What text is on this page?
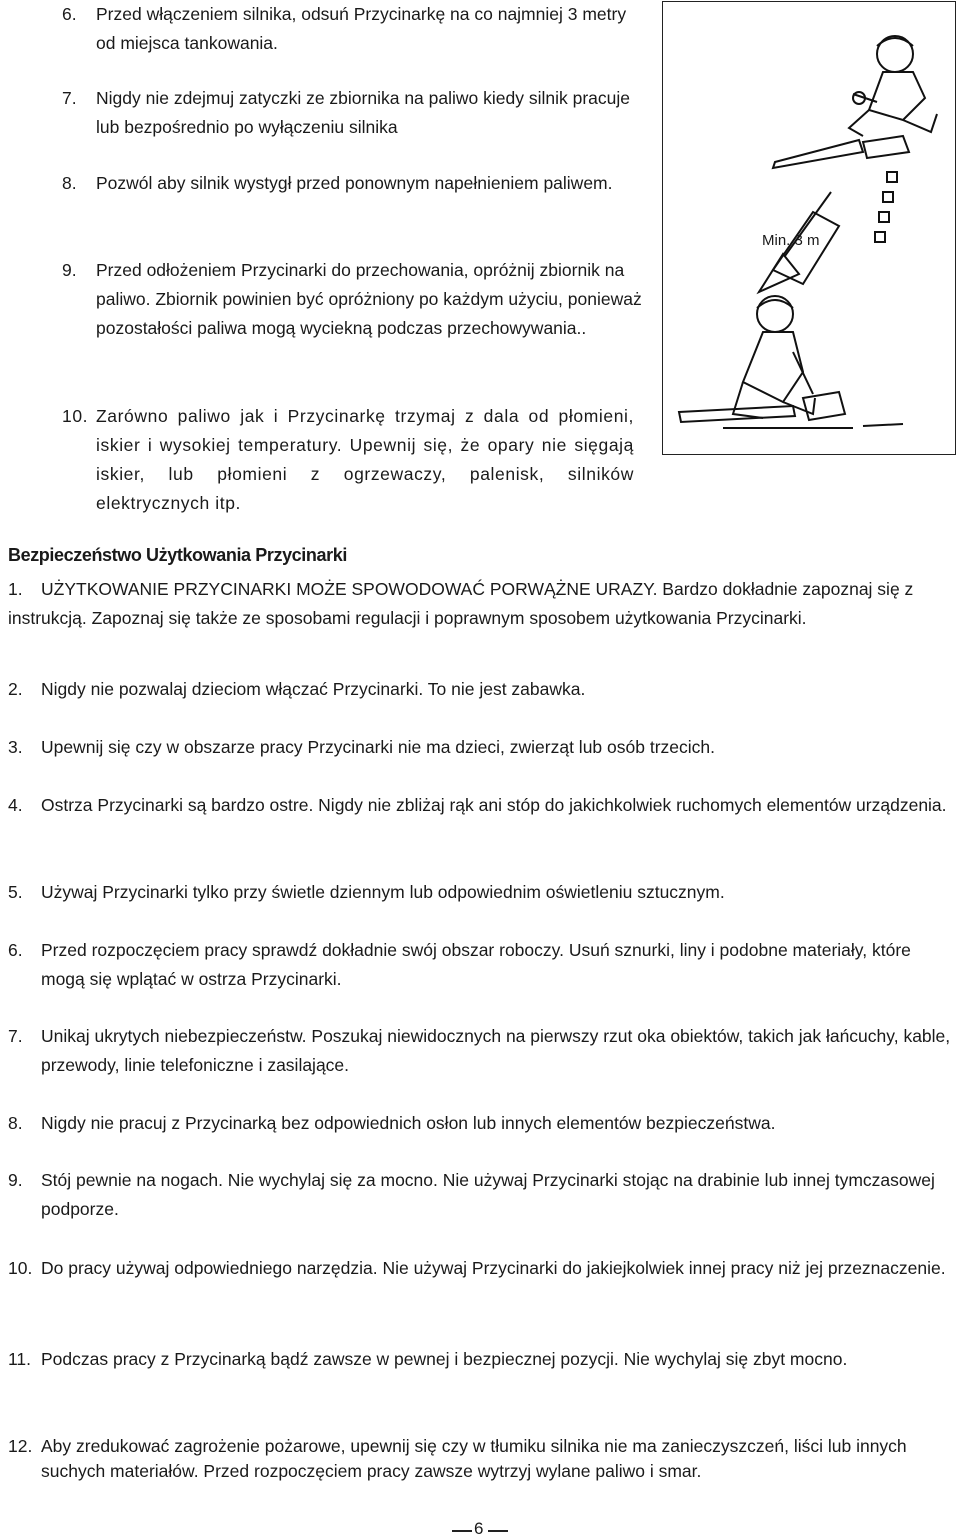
6.	Przed włączeniem silnika, odsuń Przycinarkę na co najmniej 3 metry od miejsca tankowania.
7.	Nigdy nie zdejmuj zatyczki ze zbiornika na paliwo kiedy silnik pracuje lub bezpośrednio po wyłączeniu silnika
8.	Pozwól aby silnik wystygł przed ponownym napełnieniem paliwem.
9.	Przed odłożeniem Przycinarki do przechowania, opróżnij zbiornik na paliwo. Zbiornik powinien być opróżniony po każdym użyciu, ponieważ pozostałości paliwa mogą wyciekną podczas przechowywania..
10. Zarówno paliwo jak i Przycinarkę trzymaj z dala od płomieni, iskier i wysokiej temperatury. Upewnij się, że opary nie sięgają iskier, lub płomieni z ogrzewaczy, palenisk, silników elektrycznych itp.
Min. 3 m
Bezpieczeństwo Użytkowania Przycinarki
1.	UŻYTKOWANIE PRZYCINARKI MOŻE SPOWODOWAĆ PORWĄŻNE URAZY. Bardzo dokładnie zapoznaj się z instrukcją. Zapoznaj się także ze sposobami regulacji i poprawnym sposobem użytkowania Przycinarki.
2.	Nigdy nie pozwalaj dzieciom włączać Przycinarki. To nie jest zabawka.
3.	Upewnij się czy w obszarze pracy Przycinarki nie ma dzieci, zwierząt lub osób trzecich.
4.	Ostrza Przycinarki są bardzo ostre. Nigdy nie zbliżaj rąk ani stóp do jakichkolwiek ruchomych elementów urządzenia.
5.	Używaj Przycinarki tylko przy świetle dziennym lub odpowiednim oświetleniu sztucznym.
6.	Przed rozpoczęciem pracy sprawdź dokładnie swój obszar roboczy. Usuń sznurki, liny i podobne materiały, które mogą się wplątać w ostrza Przycinarki.
7.	Unikaj ukrytych niebezpieczeństw. Poszukaj niewidocznych na pierwszy rzut oka obiektów, takich jak łańcuchy, kable, przewody, linie telefoniczne i zasilające.
8.	Nigdy nie pracuj z Przycinarką bez odpowiednich osłon lub innych elementów bezpieczeństwa.
9.	Stój pewnie na nogach. Nie wychylaj się za mocno. Nie używaj Przycinarki stojąc na drabinie lub innej tymczasowej podporze.
10. Do pracy używaj odpowiedniego narzędzia. Nie używaj Przycinarki do jakiejkolwiek innej pracy niż jej przeznaczenie.
11. Podczas pracy z Przycinarką bądź zawsze w pewnej i bezpiecznej pozycji. Nie wychylaj się zbyt mocno.
12. Aby zredukować zagrożenie pożarowe, upewnij się czy w tłumiku silnika nie ma zanieczyszczeń, liści lub innych suchych materiałów. Przed rozpoczęciem pracy zawsze wytrzyj wylane paliwo i smar.
6
